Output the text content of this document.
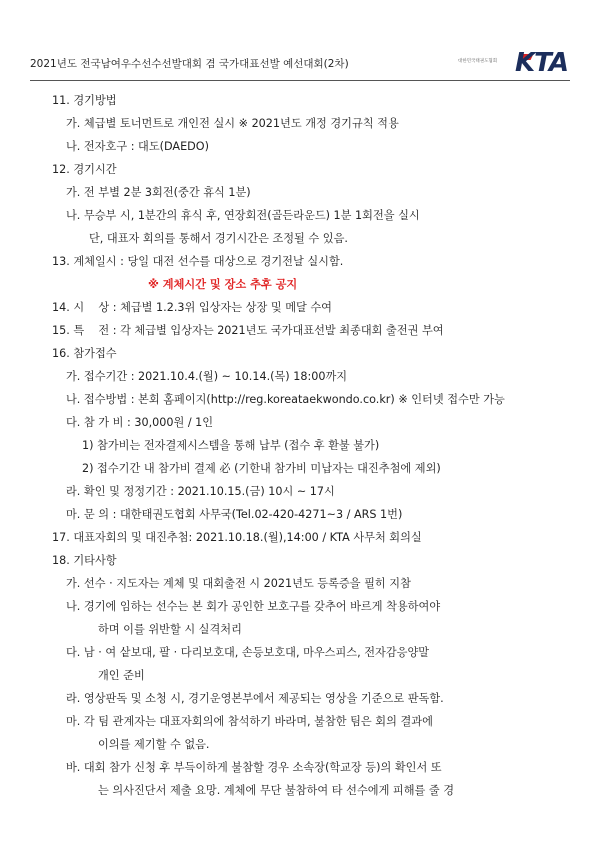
2021년도 전국남여우수선수선발대회 겸 국가대표선발 예선대회(2차)	대한민국태권도협회 KTA
11. 경기방법
가. 체급별 토너먼트로 개인전 실시 ※ 2021년도 개정 경기규칙 적용
나. 전자호구 : 대도(DAEDO)
12. 경기시간
가. 전 부별 2분 3회전(중간 휴식 1분)
나. 무승부 시, 1분간의 휴식 후, 연장회전(골든라운드) 1분 1회전을 실시
단, 대표자 회의를 통해서 경기시간은 조정될 수 있음.
13. 계체일시 : 당일 대전 선수를 대상으로 경기전날 실시함.
※ 계체시간 및 장소 추후 공지
14. 시    상 : 체급별 1.2.3위 입상자는 상장 및 메달 수여
15. 특    전 : 각 체급별 입상자는 2021년도 국가대표선발 최종대회 출전권 부여
16. 참가접수
가. 접수기간 : 2021.10.4.(월) ~ 10.14.(목) 18:00까지
나. 접수방법 : 본회 홈페이지(http://reg.koreataekwondo.co.kr) ※ 인터넷 접수만 가능
다. 참 가 비 : 30,000원 / 1인
1) 참가비는 전자결제시스템을 통해 납부 (접수 후 환불 불가)
2) 접수기간 내 참가비 결제 必 (기한내 참가비 미납자는 대진추첨에 제외)
라. 확인 및 정정기간 : 2021.10.15.(금) 10시 ~ 17시
마. 문 의 : 대한태권도협회 사무국(Tel.02-420-4271~3 / ARS 1번)
17. 대표자회의 및 대진추첨: 2021.10.18.(월),14:00 / KTA 사무처 회의실
18. 기타사항
가. 선수 · 지도자는 계체 및 대회출전 시 2021년도 등록증을 필히 지참
나. 경기에 임하는 선수는 본 회가 공인한 보호구를 갖추어 바르게 착용하여야
하며 이를 위반할 시 실격처리
다. 남 · 여 샅보대, 팔 · 다리보호대, 손등보호대, 마우스피스, 전자감응양말
개인 준비
라. 영상판독 및 소청 시, 경기운영본부에서 제공되는 영상을 기준으로 판독함.
마. 각 팀 관계자는 대표자회의에 참석하기 바라며, 불참한 팀은 회의 결과에
이의를 제기할 수 없음.
바. 대회 참가 신청 후 부득이하게 불참할 경우 소속장(학교장 등)의 확인서 또
는 의사진단서 제출 요망. 계체에 무단 불참하여 타 선수에게 피해를 줄 경
